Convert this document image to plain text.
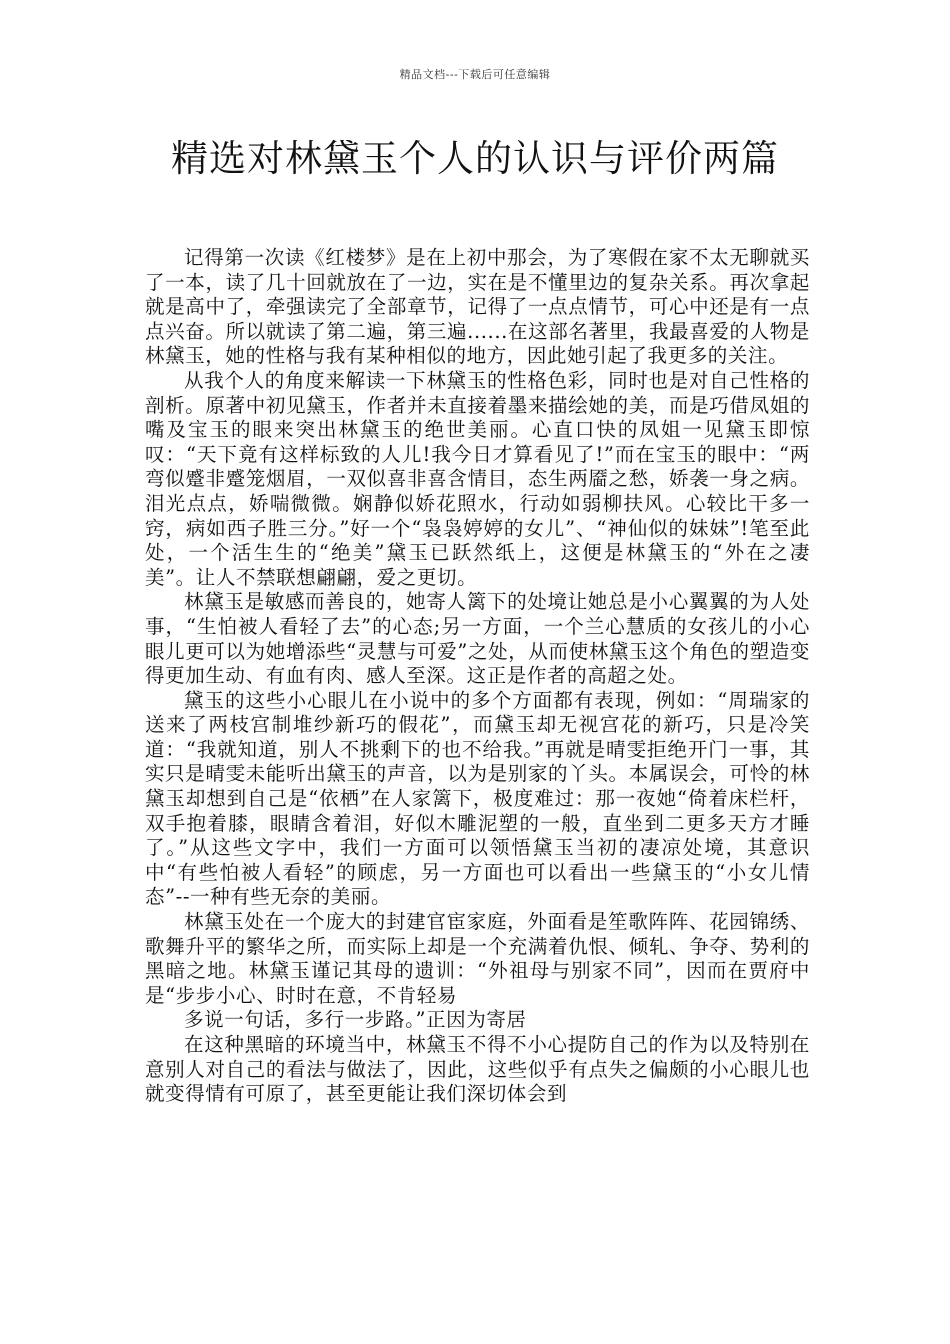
精品文档---下载后可任意编辑
精选对林黛玉个人的认识与评价两篇

记得第一次读《红楼梦》是在上初中那会，为了寒假在家不太无聊就买了一本，读了几十回就放在了一边，实在是不懂里边的复杂关系。再次拿起就是高中了，牵强读完了全部章节，记得了一点点情节，可心中还是有一点点兴奋。所以就读了第二遍，第三遍......在这部名著里，我最喜爱的人物是林黛玉，她的性格与我有某种相似的地方，因此她引起了我更多的关注。

从我个人的角度来解读一下林黛玉的性格色彩，同时也是对自己性格的剖析。原著中初见黛玉，作者并未直接着墨来描绘她的美，而是巧借凤姐的嘴及宝玉的眼来突出林黛玉的绝世美丽。心直口快的凤姐一见黛玉即惊叹：“天下竟有这样标致的人儿!我今日才算看见了!”而在宝玉的眼中：“两弯似蹙非蹙笼烟眉，一双似喜非喜含情目，态生两靥之愁，娇袭一身之病。泪光点点，娇喘微微。娴静似娇花照水，行动如弱柳扶风。心较比干多一窍，病如西子胜三分。”好一个“袅袅婷婷的女儿”、“神仙似的妹妹”!笔至此处，一个活生生的“绝美”黛玉已跃然纸上，这便是林黛玉的“外在之凄美”。让人不禁联想翩翩，爱之更切。

林黛玉是敏感而善良的，她寄人篱下的处境让她总是小心翼翼的为人处事，“生怕被人看轻了去”的心态;另一方面，一个兰心慧质的女孩儿的小心眼儿更可以为她增添些“灵慧与可爱”之处，从而使林黛玉这个角色的塑造变得更加生动、有血有肉、感人至深。这正是作者的高超之处。

黛玉的这些小心眼儿在小说中的多个方面都有表现，例如：“周瑞家的送来了两枝宫制堆纱新巧的假花”，而黛玉却无视宫花的新巧，只是冷笑道：“我就知道，别人不挑剩下的也不给我。”再就是晴雯拒绝开门一事，其实只是晴雯未能听出黛玉的声音，以为是别家的丫头。本属误会，可怜的林黛玉却想到自己是“依栖”在人家篱下，极度难过：那一夜她“倚着床栏杆，双手抱着膝，眼睛含着泪，好似木雕泥塑的一般，直坐到二更多天方才睡了。”从这些文字中，我们一方面可以领悟黛玉当初的凄凉处境，其意识中“有些怕被人看轻”的顾虑，另一方面也可以看出一些黛玉的“小女儿情态”--一种有些无奈的美丽。

林黛玉处在一个庞大的封建官宦家庭，外面看是笙歌阵阵、花园锦绣、歌舞升平的繁华之所，而实际上却是一个充满着仇恨、倾轧、争夺、势利的黑暗之地。林黛玉谨记其母的遗训：“外祖母与别家不同”，因而在贾府中是“步步小心、时时在意，不肯轻易

多说一句话，多行一步路。”正因为寄居

在这种黑暗的环境当中，林黛玉不得不小心提防自己的作为以及特别在意别人对自己的看法与做法了，因此，这些似乎有点失之偏颇的小心眼儿也就变得情有可原了，甚至更能让我们深切体会到
